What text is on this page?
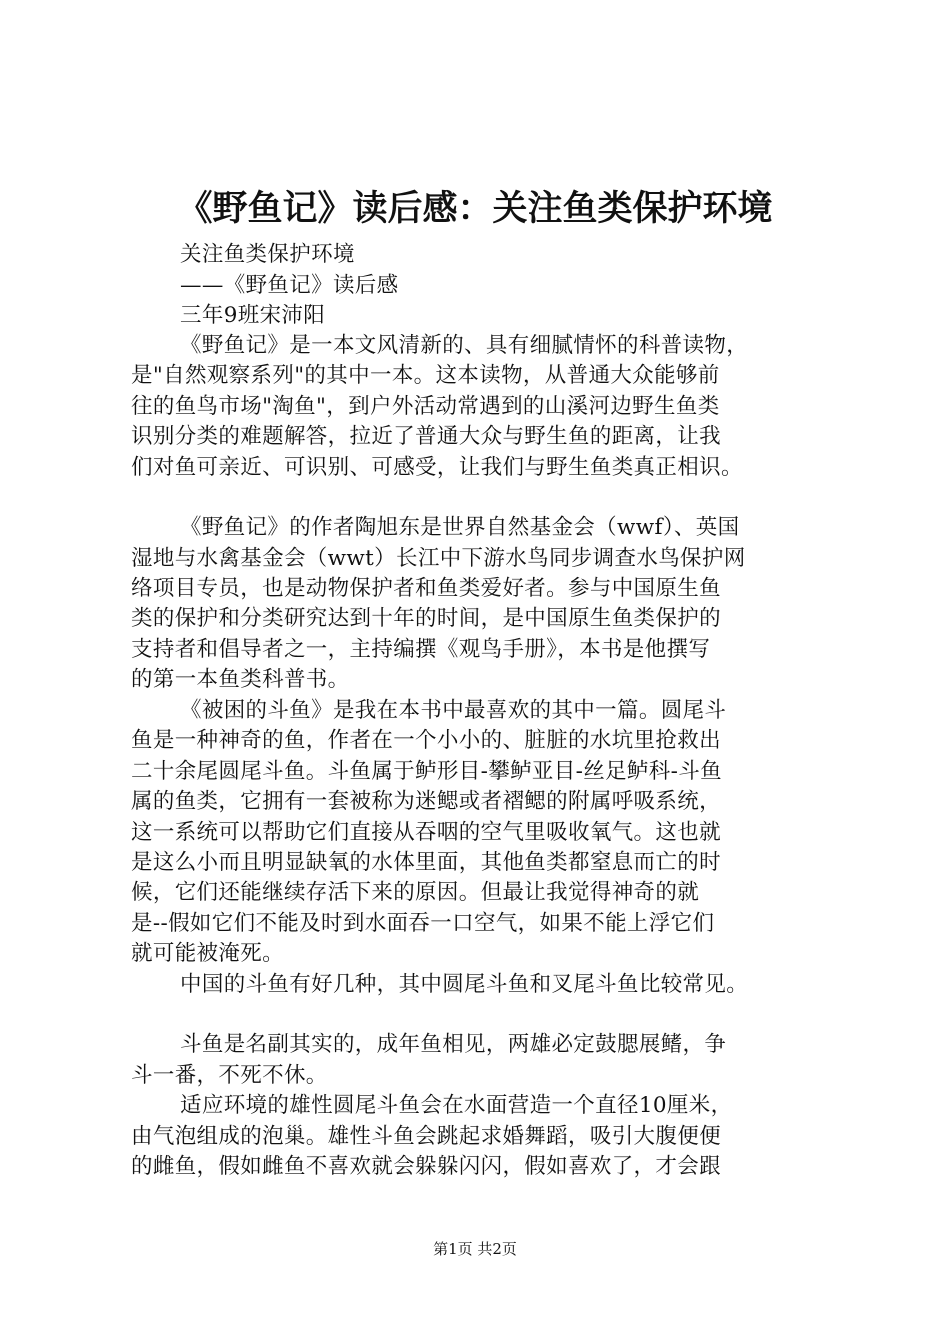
《野鱼记》读后感：关注鱼类保护环境
关注鱼类保护环境
——《野鱼记》读后感
三年9班宋沛阳
《野鱼记》是一本文风清新的、具有细腻情怀的科普读物，
是"自然观察系列"的其中一本。这本读物，从普通大众能够前
往的鱼鸟市场"淘鱼"，到户外活动常遇到的山溪河边野生鱼类
识别分类的难题解答，拉近了普通大众与野生鱼的距离，让我
们对鱼可亲近、可识别、可感受，让我们与野生鱼类真正相识。
《野鱼记》的作者陶旭东是世界自然基金会（wwf）、英国
湿地与水禽基金会（wwt）长江中下游水鸟同步调查水鸟保护网
络项目专员，也是动物保护者和鱼类爱好者。参与中国原生鱼
类的保护和分类研究达到十年的时间，是中国原生鱼类保护的
支持者和倡导者之一，主持编撰《观鸟手册》，本书是他撰写
的第一本鱼类科普书。
《被困的斗鱼》是我在本书中最喜欢的其中一篇。圆尾斗
鱼是一种神奇的鱼，作者在一个小小的、脏脏的水坑里抢救出
二十余尾圆尾斗鱼。斗鱼属于鲈形目-攀鲈亚目-丝足鲈科-斗鱼
属的鱼类，它拥有一套被称为迷鳃或者褶鳃的附属呼吸系统，
这一系统可以帮助它们直接从吞咽的空气里吸收氧气。这也就
是这么小而且明显缺氧的水体里面，其他鱼类都窒息而亡的时
候，它们还能继续存活下来的原因。但最让我觉得神奇的就
是--假如它们不能及时到水面吞一口空气，如果不能上浮它们
就可能被淹死。
中国的斗鱼有好几种，其中圆尾斗鱼和叉尾斗鱼比较常见。
斗鱼是名副其实的，成年鱼相见，两雄必定鼓腮展鳍，争
斗一番，不死不休。
适应环境的雄性圆尾斗鱼会在水面营造一个直径10厘米，
由气泡组成的泡巢。雄性斗鱼会跳起求婚舞蹈，吸引大腹便便
的雌鱼，假如雌鱼不喜欢就会躲躲闪闪，假如喜欢了，才会跟
第1页 共2页
